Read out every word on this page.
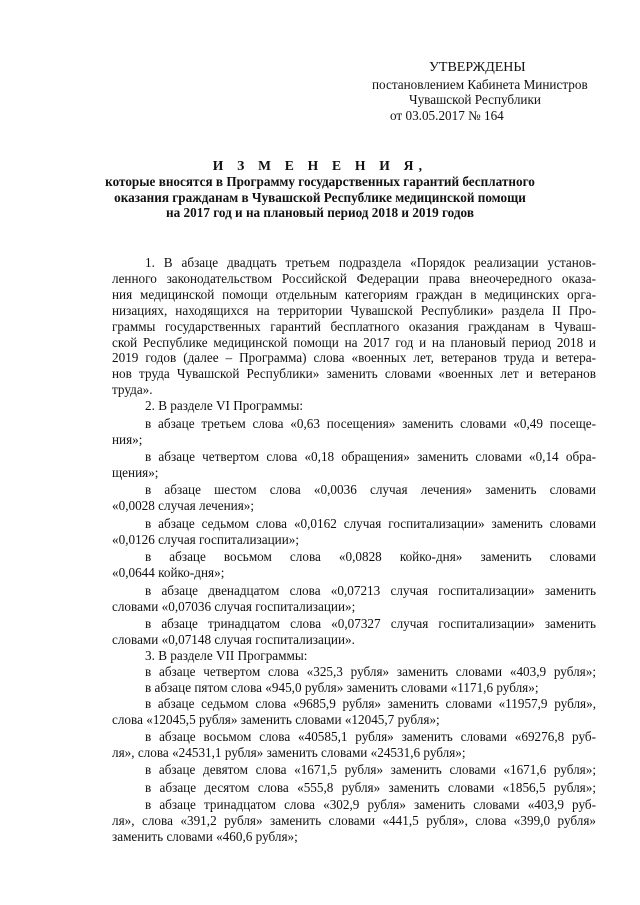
УТВЕРЖДЕНЫ
постановлением Кабинета Министров
Чувашской Республики
от 03.05.2017 № 164
И З М Е Н Е Н И Я,
которые вносятся в Программу государственных гарантий бесплатного
оказания гражданам в Чувашской Республике медицинской помощи
на 2017 год и на плановый период 2018 и 2019 годов
1. В абзаце двадцать третьем подраздела «Порядок реализации установ-
ленного законодательством Российской Федерации права внеочередного оказа-
ния медицинской помощи отдельным категориям граждан в медицинских орга-
низациях, находящихся на территории Чувашской Республики» раздела II Про-
граммы государственных гарантий бесплатного оказания гражданам в Чуваш-
ской Республике медицинской помощи на 2017 год и на плановый период 2018 и
2019 годов (далее – Программа) слова «военных лет, ветеранов труда и ветера-
нов труда Чувашской Республики» заменить словами «военных лет и ветеранов
труда».
2. В разделе VI Программы:
в абзаце третьем слова «0,63 посещения» заменить словами «0,49 посеще-
ния»;
в абзаце четвертом слова «0,18 обращения» заменить словами «0,14 обра-
щения»;
в абзаце шестом слова «0,0036 случая лечения» заменить словами
«0,0028 случая лечения»;
в абзаце седьмом слова «0,0162 случая госпитализации» заменить словами
«0,0126 случая госпитализации»;
в абзаце восьмом слова «0,0828 койко-дня» заменить словами
«0,0644 койко-дня»;
в абзаце двенадцатом слова «0,07213 случая госпитализации» заменить
словами «0,07036 случая госпитализации»;
в абзаце тринадцатом слова «0,07327 случая госпитализации» заменить
словами «0,07148 случая госпитализации».
3. В разделе VII Программы:
в абзаце четвертом слова «325,3 рубля» заменить словами «403,9 рубля»;
в абзаце пятом слова «945,0 рубля» заменить словами «1171,6 рубля»;
в абзаце седьмом слова «9685,9 рубля» заменить словами «11957,9 рубля»,
слова «12045,5 рубля» заменить словами «12045,7 рубля»;
в абзаце восьмом слова «40585,1 рубля» заменить словами «69276,8 руб-
ля», слова «24531,1 рубля» заменить словами «24531,6 рубля»;
в абзаце девятом слова «1671,5 рубля» заменить словами «1671,6 рубля»;
в абзаце десятом слова «555,8 рубля» заменить словами «1856,5 рубля»;
в абзаце тринадцатом слова «302,9 рубля» заменить словами «403,9 руб-
ля», слова «391,2 рубля» заменить словами «441,5 рубля», слова «399,0 рубля»
заменить словами «460,6 рубля»;
